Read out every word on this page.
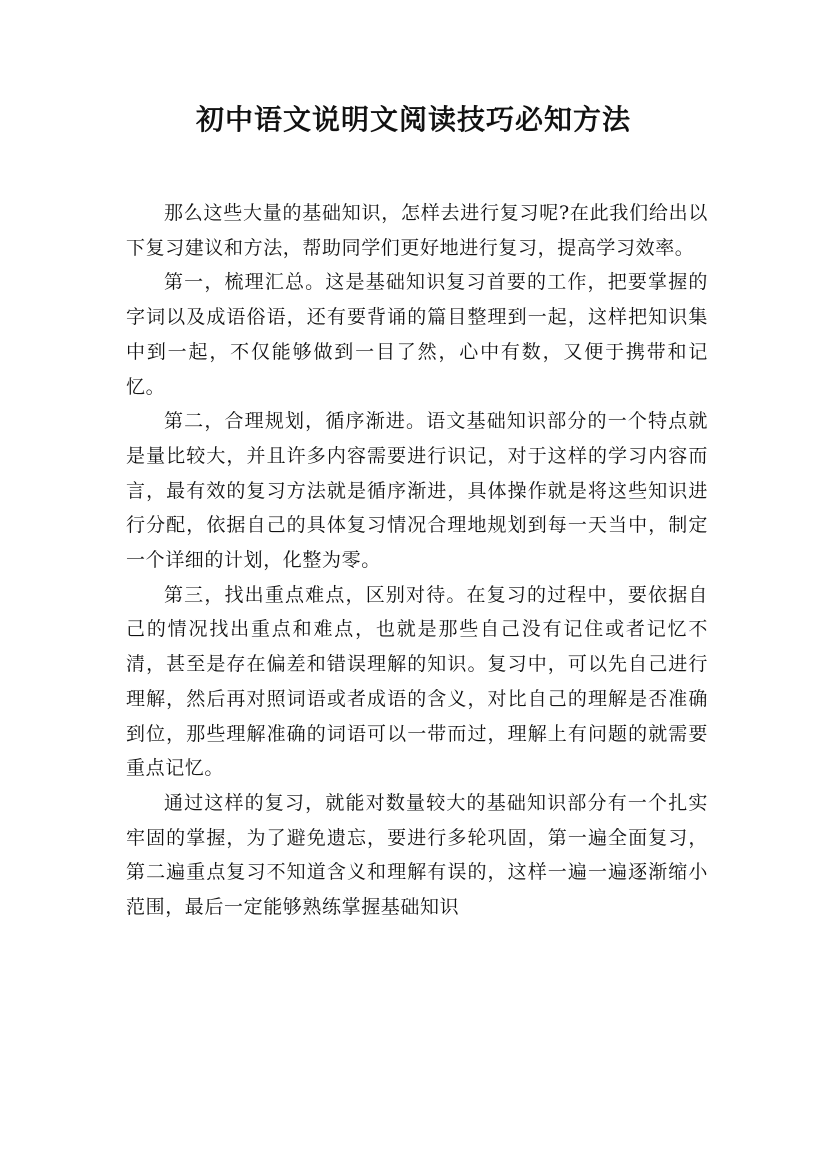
初中语文说明文阅读技巧必知方法

那么这些大量的基础知识，怎样去进行复习呢?在此我们给出以下复习建议和方法，帮助同学们更好地进行复习，提高学习效率。

第一，梳理汇总。这是基础知识复习首要的工作，把要掌握的字词以及成语俗语，还有要背诵的篇目整理到一起，这样把知识集中到一起，不仅能够做到一目了然，心中有数，又便于携带和记忆。

第二，合理规划，循序渐进。语文基础知识部分的一个特点就是量比较大，并且许多内容需要进行识记，对于这样的学习内容而言，最有效的复习方法就是循序渐进，具体操作就是将这些知识进行分配，依据自己的具体复习情况合理地规划到每一天当中，制定一个详细的计划，化整为零。

第三，找出重点难点，区别对待。在复习的过程中，要依据自己的情况找出重点和难点，也就是那些自己没有记住或者记忆不清，甚至是存在偏差和错误理解的知识。复习中，可以先自己进行理解，然后再对照词语或者成语的含义，对比自己的理解是否准确到位，那些理解准确的词语可以一带而过，理解上有问题的就需要重点记忆。

通过这样的复习，就能对数量较大的基础知识部分有一个扎实牢固的掌握，为了避免遗忘，要进行多轮巩固，第一遍全面复习，第二遍重点复习不知道含义和理解有误的，这样一遍一遍逐渐缩小范围，最后一定能够熟练掌握基础知识
